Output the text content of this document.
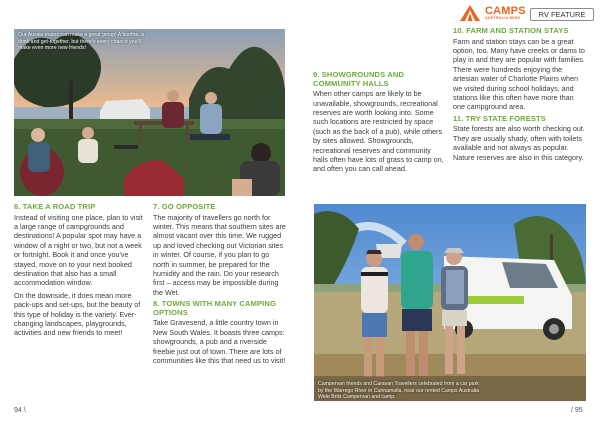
CAMPS
AUSTRALIA WIDE	RV FEATURE
Our Aussie mates can make a great group! A bonfire, a drink and get-together, but there's every chance you'll make even more new friends!
Campervan friends and Caravan Travellers celebrated from a car park by the Warrego River in Cunnamulla, near our rented Camps Australia Wide Britz Campervan and camp.
6. TAKE A ROAD TRIP

Instead of visiting one place, plan to visit a large range of campgrounds and destinations! A popular spot may have a window of a night or two, but not a week or fortnight. Book it and once you've stayed, move on to your next booked destination that also has a small accommodation window.

On the downside, it does mean more pack-ups and set-ups, but the beauty of this type of holiday is the variety. Ever-changing landscapes, playgrounds, activities and new friends to meet!

7. GO OPPOSITE

The majority of travellers go north for winter. This means that southern sites are almost vacant over this time. We rugged up and loved checking out Victorian sites in winter. Of course, if you plan to go north in summer, be prepared for the humidity and the rain. Do your research first – access may be impossible during the Wet.

8. TOWNS WITH MANY CAMPING OPTIONS

Take Gravesend, a little country town in New South Wales. It boasts three camps: showgrounds, a pub and a riverside freebie just out of town. There are lots of communities like this that need us to visit!

9. SHOWGROUNDS AND COMMUNITY HALLS

When other camps are likely to be unavailable, showgrounds, recreational reserves are worth looking into. Some such locations are restricted by space (such as the back of a pub), while others by sites allowed. Showgrounds, recreational reserves and community halls often have lots of grass to camp on, and often you can call ahead.

10. FARM AND STATION STAYS

Farm and station stays can be a great option, too. Many have creeks or dams to play in and they are popular with families. There were hundreds enjoying the artesian water of Charlotte Plains when we visited during school holidays, and stations like this often have more than one campground area.

11. TRY STATE FORESTS

State forests are also worth checking out. They are usually shady, often with toilets available and not always as popular. Nature reserves are also in this category.

94 \	/ 95
